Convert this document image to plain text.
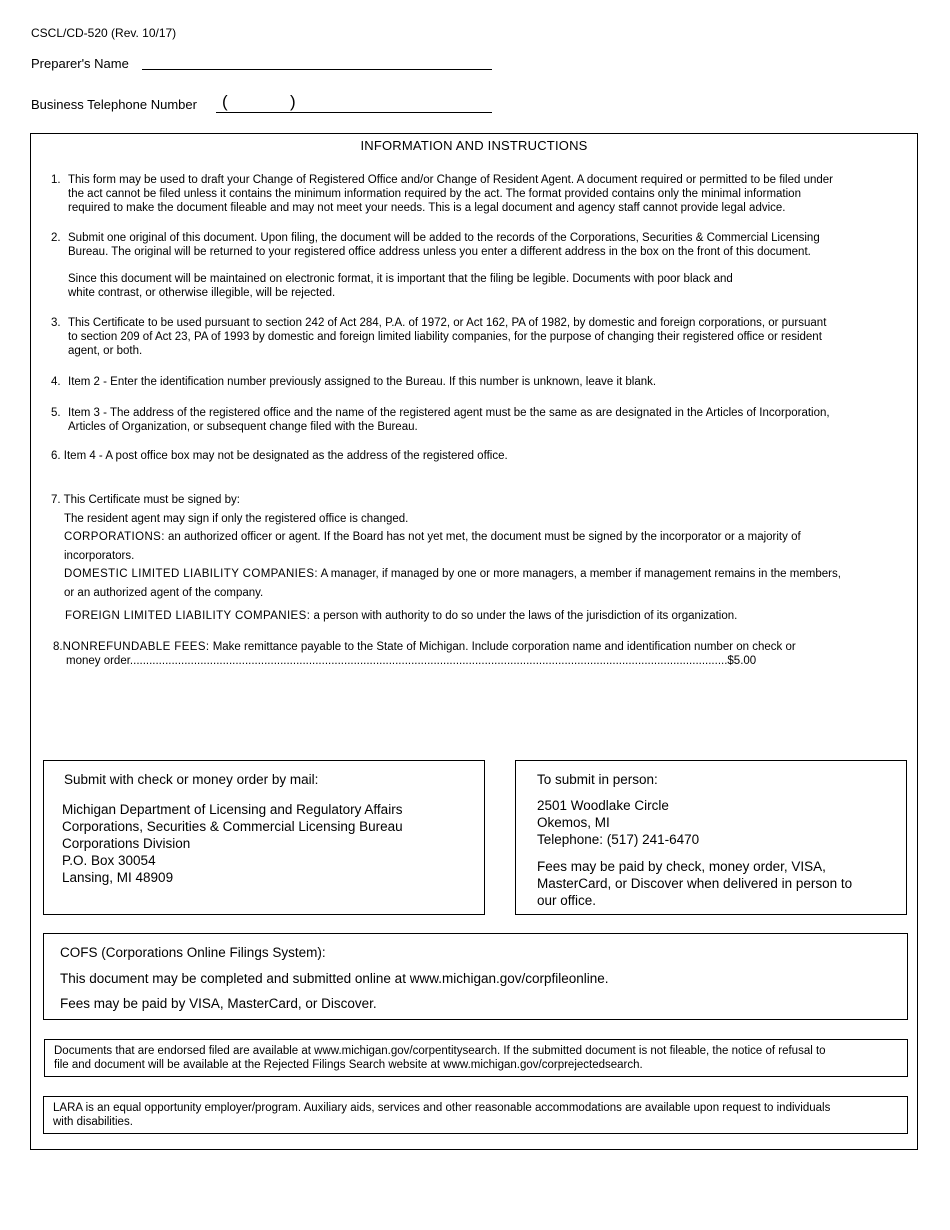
CSCL/CD-520 (Rev. 10/17)
Preparer's Name
Business Telephone Number (	)
INFORMATION AND INSTRUCTIONS
1. This form may be used to draft your Change of Registered Office and/or Change of Resident Agent. A document required or permitted to be filed under
the act cannot be filed unless it contains the minimum information required by the act. The format provided contains only the minimal information
required to make the document fileable and may not meet your needs. This is a legal document and agency staff cannot provide legal advice.
2. Submit one original of this document. Upon filing, the document will be added to the records of the Corporations, Securities & Commercial Licensing
Bureau. The original will be returned to your registered office address unless you enter a different address in the box on the front of this document.
Since this document will be maintained on electronic format, it is important that the filing be legible. Documents with poor black and
white contrast, or otherwise illegible, will be rejected.
3. This Certificate to be used pursuant to section 242 of Act 284, P.A. of 1972, or Act 162, PA of 1982, by domestic and foreign corporations, or pursuant
to section 209 of Act 23, PA of 1993 by domestic and foreign limited liability companies, for the purpose of changing their registered office or resident
agent, or both.
4. Item 2 - Enter the identification number previously assigned to the Bureau. If this number is unknown, leave it blank.
5. Item 3 - The address of the registered office and the name of the registered agent must be the same as are designated in the Articles of Incorporation,
Articles of Organization, or subsequent change filed with the Bureau.
6. Item 4 - A post office box may not be designated as the address of the registered office.
7. This Certificate must be signed by:
The resident agent may sign if only the registered office is changed.
CORPORATIONS: an authorized officer or agent. If the Board has not yet met, the document must be signed by the incorporator or a majority of
incorporators.
DOMESTIC LIMITED LIABILITY COMPANIES: A manager, if managed by one or more managers, a member if management remains in the members,
or an authorized agent of the company.
FOREIGN LIMITED LIABILITY COMPANIES: a person with authority to do so under the laws of the jurisdiction of its organization.
8.NONREFUNDABLE FEES: Make remittance payable to the State of Michigan. Include corporation name and identification number on check or
money order...........................................................................................................................................................................................$5.00
Submit with check or money order by mail:
Michigan Department of Licensing and Regulatory Affairs
Corporations, Securities & Commercial Licensing Bureau
Corporations Division
P.O. Box 30054
Lansing, MI 48909
To submit in person:
2501 Woodlake Circle
Okemos, MI
Telephone: (517) 241-6470
Fees may be paid by check, money order, VISA,
MasterCard, or Discover when delivered in person to
our office.
COFS (Corporations Online Filings System):
This document may be completed and submitted online at www.michigan.gov/corpfileonline.
Fees may be paid by VISA, MasterCard, or Discover.
Documents that are endorsed filed are available at www.michigan.gov/corpentitysearch. If the submitted document is not fileable, the notice of refusal to
file and document will be available at the Rejected Filings Search website at www.michigan.gov/corprejectedsearch.
LARA is an equal opportunity employer/program. Auxiliary aids, services and other reasonable accommodations are available upon request to individuals
with disabilities.
